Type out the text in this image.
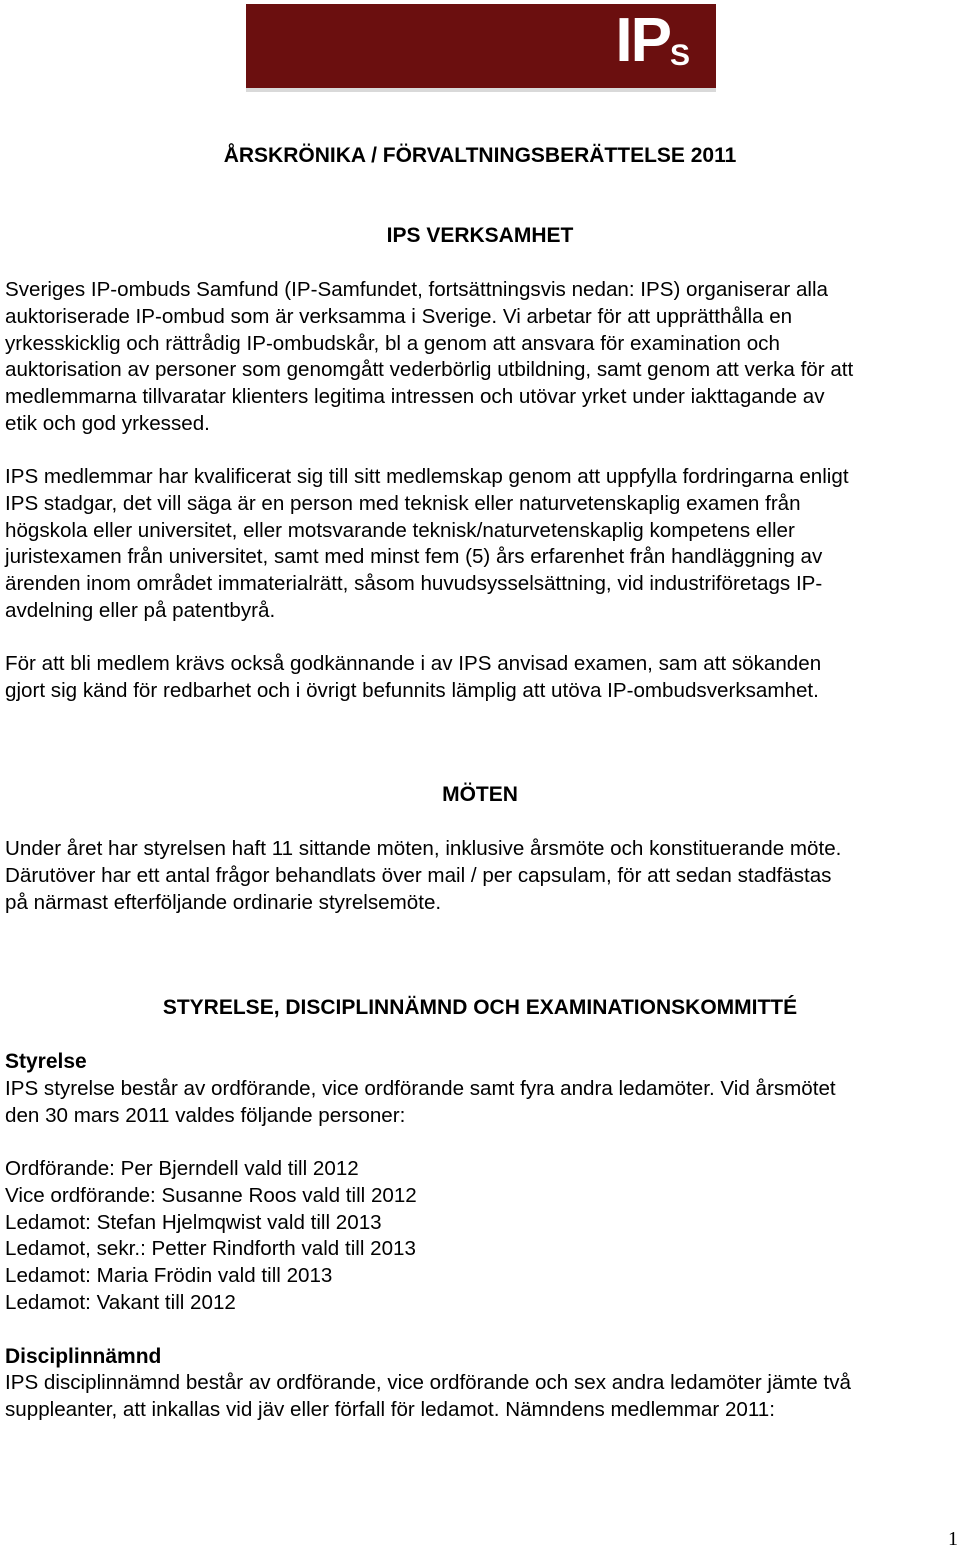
IPS
ÅRSKRÖNIKA / FÖRVALTNINGSBERÄTTELSE 2011
IPS VERKSAMHET

Sveriges IP-ombuds Samfund (IP-Samfundet, fortsättningsvis nedan: IPS) organiserar alla
auktoriserade IP-ombud som är verksamma i Sverige. Vi arbetar för att upprätthålla en
yrkesskicklig och rättrådig IP-ombudskår, bl a genom att ansvara för examination och
auktorisation av personer som genomgått vederbörlig utbildning, samt genom att verka för att
medlemmarna tillvaratar klienters legitima intressen och utövar yrket under iakttagande av
etik och god yrkessed.

IPS medlemmar har kvalificerat sig till sitt medlemskap genom att uppfylla fordringarna enligt
IPS stadgar, det vill säga är en person med teknisk eller naturvetenskaplig examen från
högskola eller universitet, eller motsvarande teknisk/naturvetenskaplig kompetens eller
juristexamen från universitet, samt med minst fem (5) års erfarenhet från handläggning av
ärenden inom området immaterialrätt, såsom huvudsysselsättning, vid industriföretags IP-
avdelning eller på patentbyrå.

För att bli medlem krävs också godkännande i av IPS anvisad examen, sam att sökanden
gjort sig känd för redbarhet och i övrigt befunnits lämplig att utöva IP-ombudsverksamhet.

MÖTEN

Under året har styrelsen haft 11 sittande möten, inklusive årsmöte och konstituerande möte.
Därutöver har ett antal frågor behandlats över mail / per capsulam, för att sedan stadfästas
på närmast efterföljande ordinarie styrelsemöte.

STYRELSE, DISCIPLINNÄMND OCH EXAMINATIONSKOMMITTÉ
Styrelse

IPS styrelse består av ordförande, vice ordförande samt fyra andra ledamöter. Vid årsmötet
den 30 mars 2011 valdes följande personer:

Ordförande: Per Bjerndell vald till 2012
Vice ordförande: Susanne Roos vald till 2012
Ledamot: Stefan Hjelmqwist vald till 2013
Ledamot, sekr.: Petter Rindforth vald till 2013
Ledamot: Maria Frödin vald till 2013
Ledamot: Vakant till 2012

Disciplinnämnd

IPS disciplinnämnd består av ordförande, vice ordförande och sex andra ledamöter jämte två
suppleanter, att inkallas vid jäv eller förfall för ledamot. Nämndens medlemmar 2011:

1
